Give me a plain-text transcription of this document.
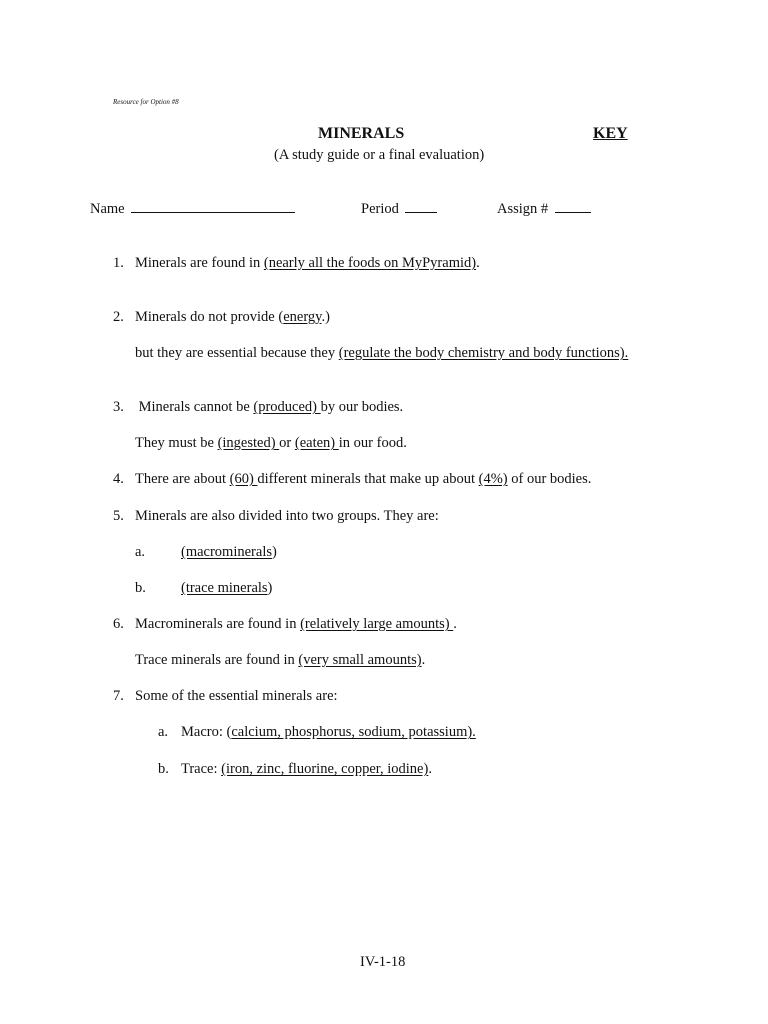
Resource for Option #8
MINERALS	KEY
(A study guide or a final evaluation)
Name	Period	Assign #
1. Minerals are found in (nearly all the foods on MyPyramid).
2. Minerals do not provide (energy.)
but they are essential because they (regulate the body chemistry and body functions).
3. Minerals cannot be (produced) by our bodies.
They must be (ingested) or (eaten) in our food.
4. There are about (60) different minerals that make up about (4%) of our bodies.
5. Minerals are also divided into two groups. They are:
a. (macrominerals)
b. (trace minerals)
6. Macrominerals are found in (relatively large amounts) .
Trace minerals are found in (very small amounts).
7. Some of the essential minerals are:
a. Macro: (calcium, phosphorus, sodium, potassium).
b. Trace: (iron, zinc, fluorine, copper, iodine).
IV-1-18
